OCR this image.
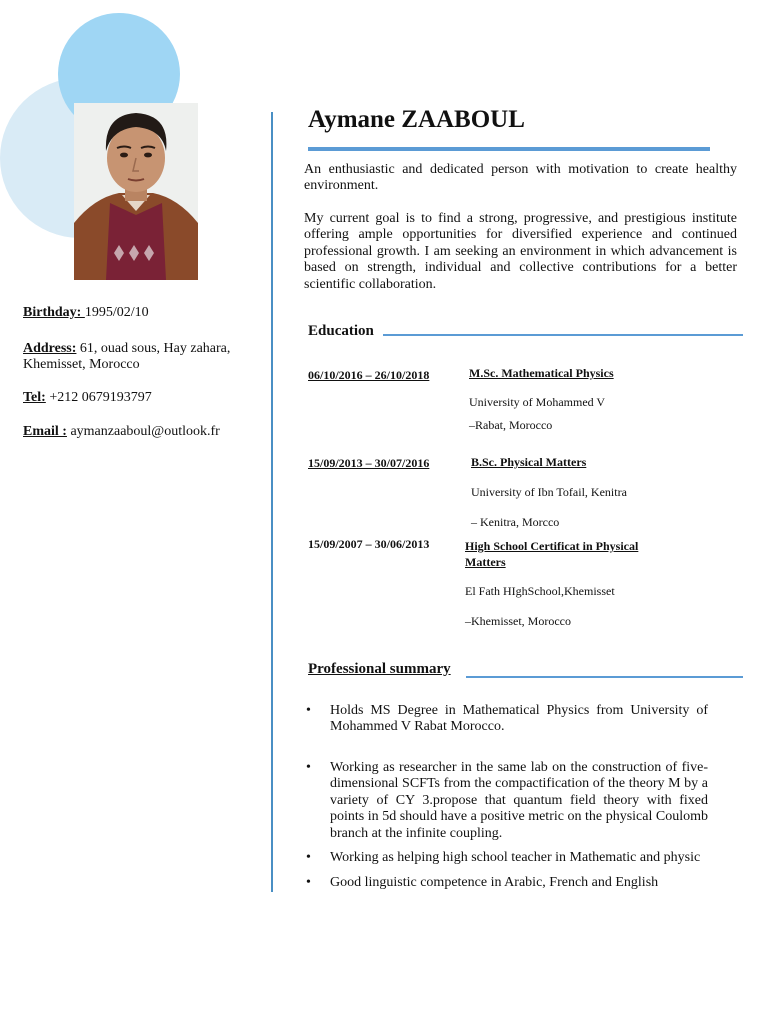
Birthday: 1995/02/10
Address: 61, ouad sous, Hay zahara,
Khemisset, Morocco
Tel: +212 0679193797
Email : aymanzaaboul@outlook.fr
Aymane ZAABOUL
An enthusiastic and dedicated person with motivation to create healthy environment.
My current goal is to find a strong, progressive, and prestigious institute offering ample opportunities for diversified experience and continued professional growth. I am seeking an environment in which advancement is based on strength, individual and collective contributions for a better scientific collaboration.
Education
06/10/2016 – 26/10/2018	M.Sc. Mathematical Physics
University of Mohammed V
–Rabat, Morocco
15/09/2013 – 30/07/2016	B.Sc. Physical Matters
University of Ibn Tofail, Kenitra
– Kenitra, Morcco
15/09/2007 – 30/06/2013	High School Certificat in Physical Matters
El Fath HIghSchool,Khemisset
–Khemisset, Morocco
Professional summary
•	Holds MS Degree in Mathematical Physics from University of Mohammed V Rabat Morocco.
•	Working as researcher in the same lab on the construction of five-dimensional SCFTs from the compactification of the theory M by a variety of CY 3.propose that quantum field theory with fixed points in 5d should have a positive metric on the physical Coulomb branch at the infinite coupling.
•	Working as helping high school teacher in Mathematic and physic
•	Good linguistic competence in Arabic, French and English
